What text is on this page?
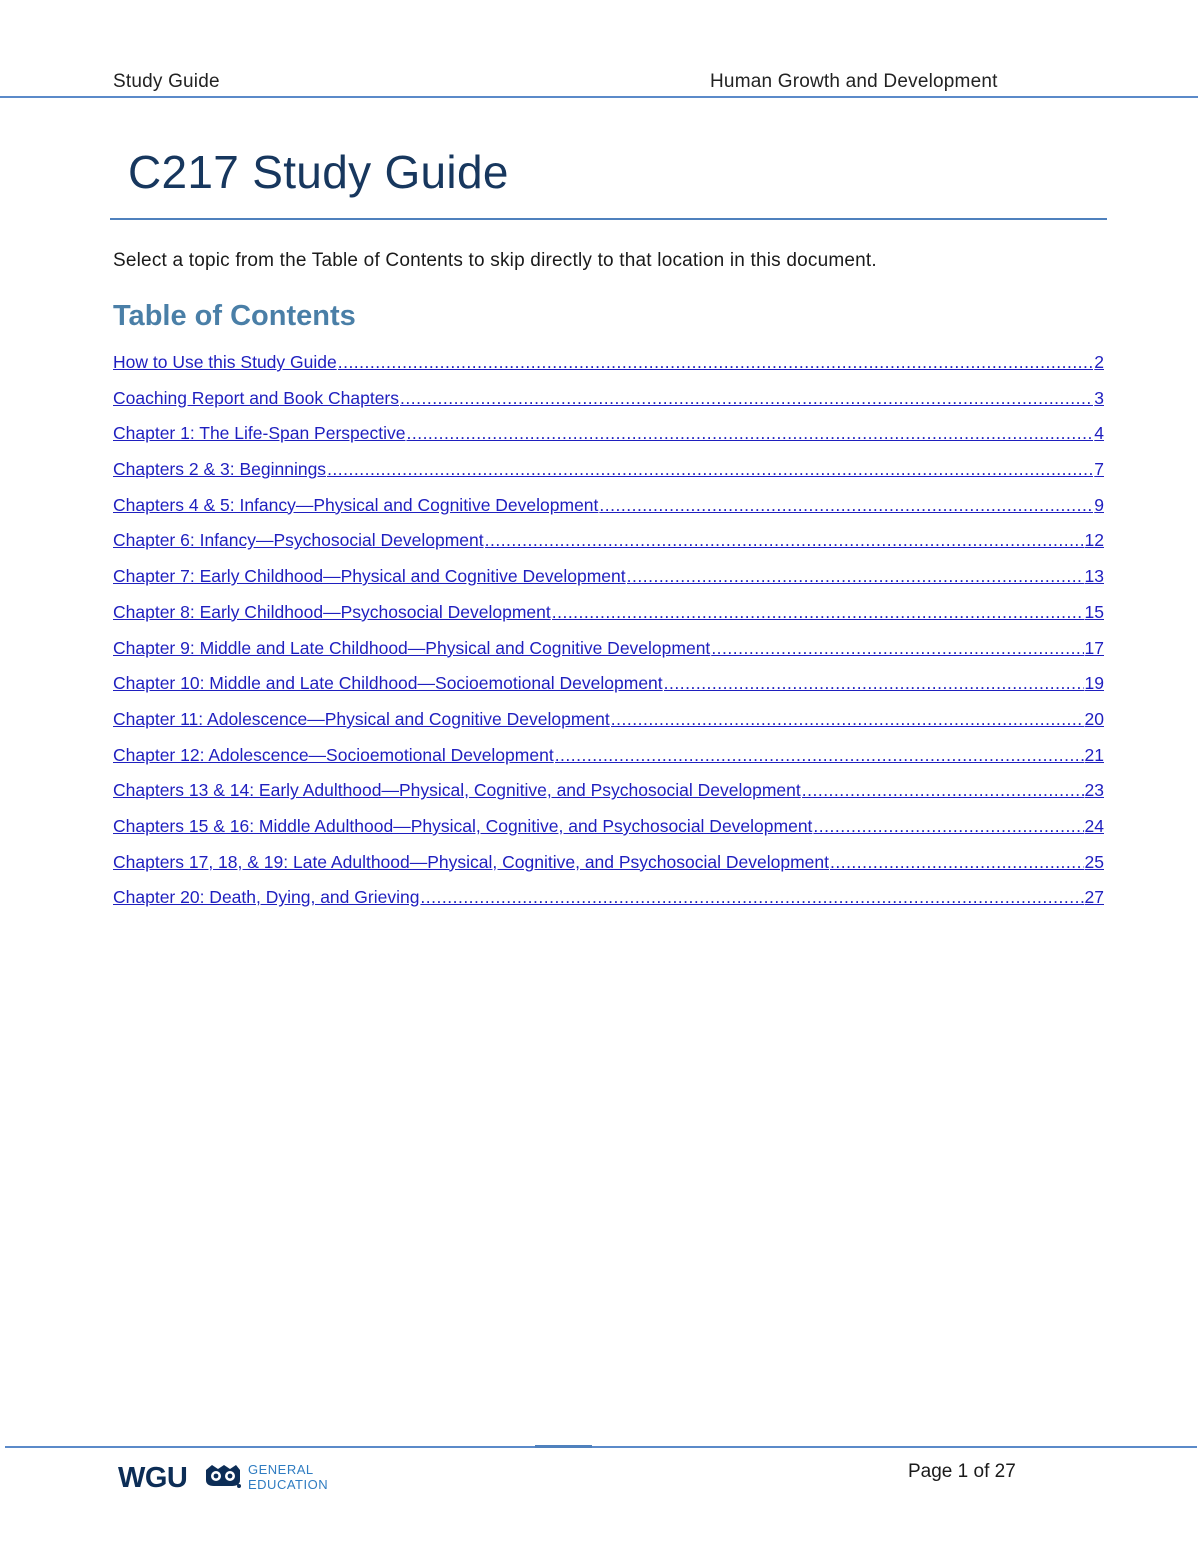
Study Guide	Human Growth and Development
C217 Study Guide

Select a topic from the Table of Contents to skip directly to that location in this document.

Table of Contents
How to Use this Study Guide .....	2
Coaching Report and Book Chapters .....	3
Chapter 1: The Life-Span Perspective .....	4
Chapters 2 & 3: Beginnings .....	7
Chapters 4 & 5: Infancy—Physical and Cognitive Development .....	9
Chapter 6: Infancy—Psychosocial Development .....	12
Chapter 7: Early Childhood—Physical and Cognitive Development .....	13
Chapter 8: Early Childhood—Psychosocial Development .....	15
Chapter 9: Middle and Late Childhood—Physical and Cognitive Development .....	17
Chapter 10: Middle and Late Childhood—Socioemotional Development .....	19
Chapter 11: Adolescence—Physical and Cognitive Development .....	20
Chapter 12: Adolescence—Socioemotional Development .....	21
Chapters 13 & 14: Early Adulthood—Physical, Cognitive, and Psychosocial Development .....	23
Chapters 15 & 16: Middle Adulthood—Physical, Cognitive, and Psychosocial Development .....	24
Chapters 17, 18, & 19: Late Adulthood—Physical, Cognitive, and Psychosocial Development .....	25
Chapter 20: Death, Dying, and Grieving .....	27
WGU	GENERAL
EDUCATION
Page 1 of 27
